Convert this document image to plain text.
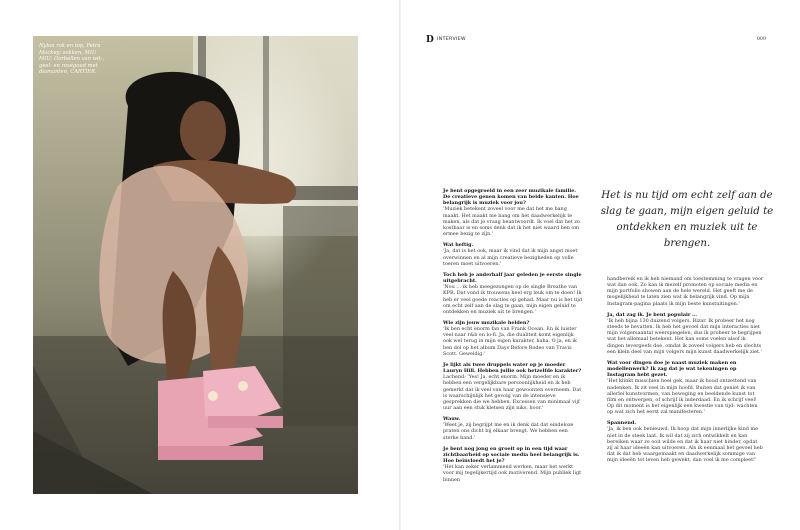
Nylon rok en top, Petra Mackey; sokken, MIU MIU; Oorbellen van wit-, geel- en roségoud met diamanten, CARTIER.
D INTERVIEW	009
Het is nu tijd om echt zelf aan de slag te gaan, mijn eigen geluid te ontdekken en muziek uit te brengen.

Je bent opgegroeid in een zeer muzikale familie. De creatieve genen komen van beide kanten. Hoe belangrijk is muziek voor jou?

'Muziek betekent zoveel voor me dat het me bang maakt. Het maakt me bang om het daadwerkelijk te maken, als dat je vraag beantwoordt. Ik voel dat het zo kostbaar is en soms denk dat ik het niet waard ben om ermee bezig te zijn.'

Wat heftig.

'Ja, dat is het ook, maar ik vind dat ik mijn angst moet overwinnen en al mijn creatieve bezigheden op volle toeren moet uitvoeren.'

Toch heb je anderhalf jaar geleden je eerste single uitgebracht.

'Nou … ik heb meegezongen op de single Breathe van KPR. Dat vond ik trouwens heel erg leuk om te doen! Ik heb er veel goede reacties op gehad. Maar nu is het tijd om echt zelf aan de slag te gaan, mijn eigen geluid te ontdekken en muziek uit te brengen.'

Wie zijn jouw muzikale helden?

'Ik ben echt enorm fan van Frank Ocean. En ik luister veel naar r&b en lo-fi. Ja, die dualiteit komt eigenlijk ook wel terug in mijn eigen karakter, haha. O ja, en ik ben dol op het album Days Before Rodeo van Travis Scott. Geweldig.'

Je lijkt als twee druppels water op je moeder Lauryn Hill. Hebben jullie ook hetzelfde karakter?

Lachend: 'Yes! Ja, echt enorm. Mijn moeder en ik hebben een vergelijkbare persoonlijkheid en ik heb gemerkt dat ik veel van haar gewoonten overneem. Dat is waarschijnlijk het gevolg van de intensieve gesprekken die we hebben. Excessen van minimaal vijf uur aan een stuk kletsen zijn niks, hoor.'

Wauw.

'Weet je, zij begrijpt me en ik denk dat dat eindeloze praten ons dicht bij elkaar brengt. We hebben een sterke band.'

Je bent nog jong en groeit op in een tijd waar zichtbaarheid op sociale media heel belangrijk is. Hoe beïnvloedt het je?

'Het kan zeker verlammend werken, maar het werkt voor mij tegelijkertijd ook motiverend. Mijn publiek ligt binnen

handbereik en ik heb niemand om toestemming te vragen voor wat dan ook. Zo kan ik mezelf promoten op sociale media en mijn portfolio showen aan de hele wereld. Het geeft me de mogelijkheid te laten zien wat ik belangrijk vind. Op mijn Instagram-pagina plaats ik mijn beste kunstuitingen.'

Ja, dat zag ik. Je bent populair …

'Ik heb bijna 130 duizend volgers. Bizar. Ik probeer het nog steeds te bevatten. Ik heb het gevoel dat mijn interacties niet mijn volgersaantal weerspiegelen, dus ik probeer te begrijpen wat het allemaal betekent. Het kan soms voelen alsof ik dingen tevergeefs doe, omdat ik zoveel volgers heb en slechts een klein deel van mijn volgers mijn kunst daadwerkelijk ziet.'

Wat voor dingen doe je naast muziek maken en modellenwerk? Ik zag dat je wat tekeningen op Instagram hebt gezet.

'Het klinkt misschien heel gek, maar ik houd ontzettend van nadenken. Ik zit veel in mijn hoofd. Buiten dat geniet ik van allerlei kunstvormen, van beweging en beeldende kunst tot film en ontwerpen, of schrijf ik inderdaad. En ik schrijf veel! Op dit moment is het eigenlijk een kwestie van tijd: wachten op wat zich het eerst zal manifesteren.'

Spannend.

'Ja, ik ben ook benieuwd. Ik hoop dat mijn innerlijke kind me niet in de steek laat. Ik wil dat zij zich ontwikkelt en kan bereiken waar ze ooit wilde en dat ik haar niet hinder, opdat zij al haar ideeën kan uitvoeren. Als ik eenmaal het gevoel heb dat ik dat heb waargemaakt en daadwerkelijk sommige van mijn ideeën tot leven heb gewekt, dan voel ik me compleet!'
